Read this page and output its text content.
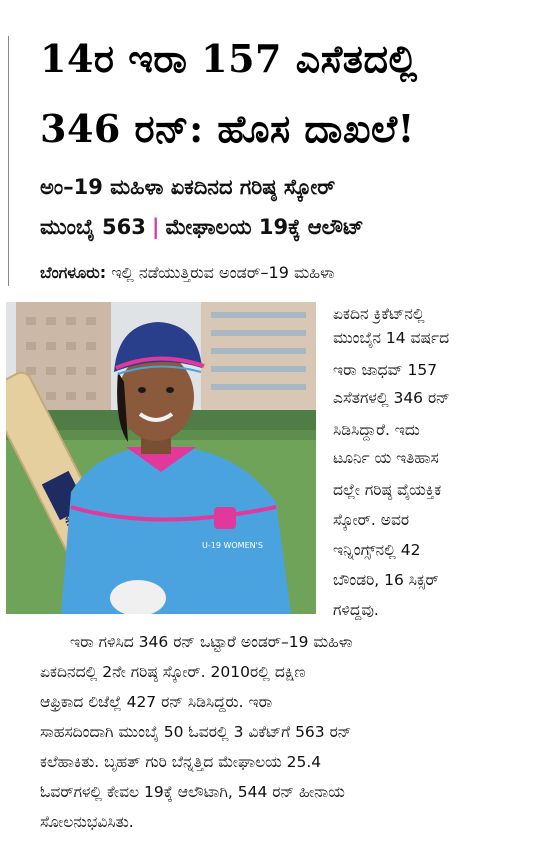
14ರ ಇರಾ 157 ಎಸೆತದಲ್ಲಿ
346 ರನ್: ಹೊಸ ದಾಖಲೆ!
ಅಂ–19 ಮಹಿಳಾ ಏಕದಿನದ ಗರಿಷ್ಠ ಸ್ಕೋರ್
ಮುಂಬೈ 563 | ಮೇಘಾಲಯ 19ಕ್ಕೆ ಆಲೌಟ್
ಬೆಂಗಳೂರು: ಇಲ್ಲಿ ನಡೆಯುತ್ತಿರುವ ಅಂಡರ್–19 ಮಹಿಳಾ
SUMMER
U-19 WOMEN'S
ಏಕದಿನ ಕ್ರಿಕೆಟ್‌ನಲ್ಲಿ
ಮುಂಬೈನ 14 ವರ್ಷದ
ಇರಾ ಜಾಧವ್ 157
ಎಸೆತಗಳಲ್ಲಿ 346 ರನ್
ಸಿಡಿಸಿದ್ದಾರೆ. ಇದು
ಟೂರ್ನಿ ಯ ಇತಿಹಾಸ
ದಲ್ಲೇ ಗರಿಷ್ಠ ವೈಯಕ್ತಿಕ
ಸ್ಕೋರ್. ಅವರ
ಇನ್ನಿಂಗ್ಸ್‌ನಲ್ಲಿ 42
ಬೌಂಡರಿ, 16 ಸಿಕ್ಸರ್
ಗಳಿದ್ದವು.
ಇರಾ ಗಳಿಸಿದ 346 ರನ್ ಒಟ್ಟಾರೆ ಅಂಡರ್–19 ಮಹಿಳಾ
ಏಕದಿನದಲ್ಲಿ 2ನೇ ಗರಿಷ್ಠ ಸ್ಕೋರ್. 2010ರಲ್ಲಿ ದಕ್ಷಿಣ
ಆಫ್ರಿಕಾದ ಲಿಜೆಲ್ಲೆ 427 ರನ್ ಸಿಡಿಸಿದ್ದರು. ಇರಾ
ಸಾಹಸದಿಂದಾಗಿ ಮುಂಬೈ 50 ಓವರಲ್ಲಿ 3 ವಿಕೆಟ್‌ಗೆ 563 ರನ್
ಕಲೆಹಾಕಿತು. ಬೃಹತ್ ಗುರಿ ಬೆನ್ನತ್ತಿದ ಮೇಘಾಲಯ 25.4
ಓವರ್‌ಗಳಲ್ಲಿ ಕೇವಲ 19ಕ್ಕೆ ಆಲೌಟಾಗಿ, 544 ರನ್ ಹೀನಾಯ
ಸೋಲನುಭವಿಸಿತು.
